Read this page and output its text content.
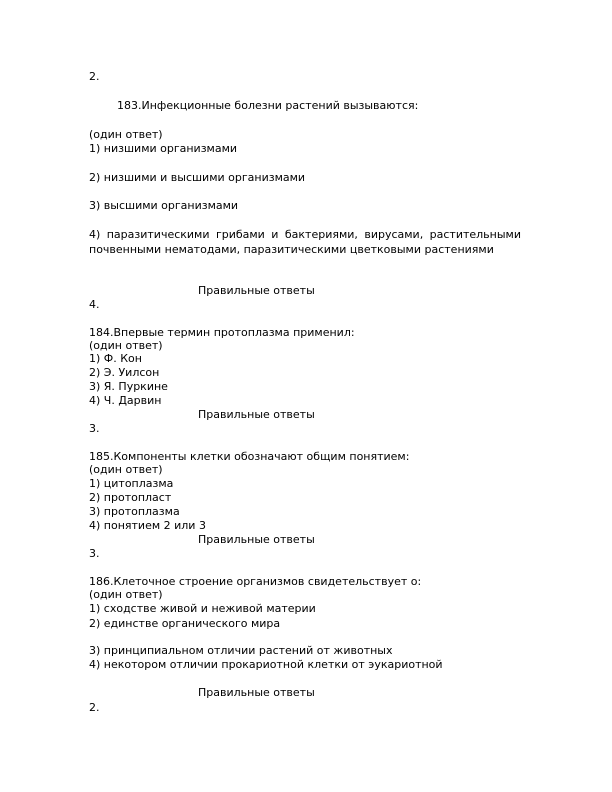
2.
183.Инфекционные болезни растений вызываются:
(один ответ)
1) низшими организмами
2) низшими и высшими организмами
3) высшими организмами
4) паразитическими грибами и бактериями, вирусами, растительными почвенными нематодами, паразитическими цветковыми растениями
Правильные ответы
4.
184.Впервые термин протоплазма применил:
(один ответ)
1) Ф. Кон
2) Э. Уилсон
3) Я. Пуркине
4) Ч. Дарвин
Правильные ответы
3.
185.Компоненты клетки обозначают общим понятием:
(один ответ)
1) цитоплазма
2) протопласт
3) протоплазма
4) понятием 2 или 3
Правильные ответы
3.
186.Клеточное строение организмов свидетельствует о:
(один ответ)
1) сходстве живой и неживой материи
2) единстве органического мира
3) принципиальном отличии растений от животных
4) некотором отличии прокариотной клетки от эукариотной
Правильные ответы
2.
